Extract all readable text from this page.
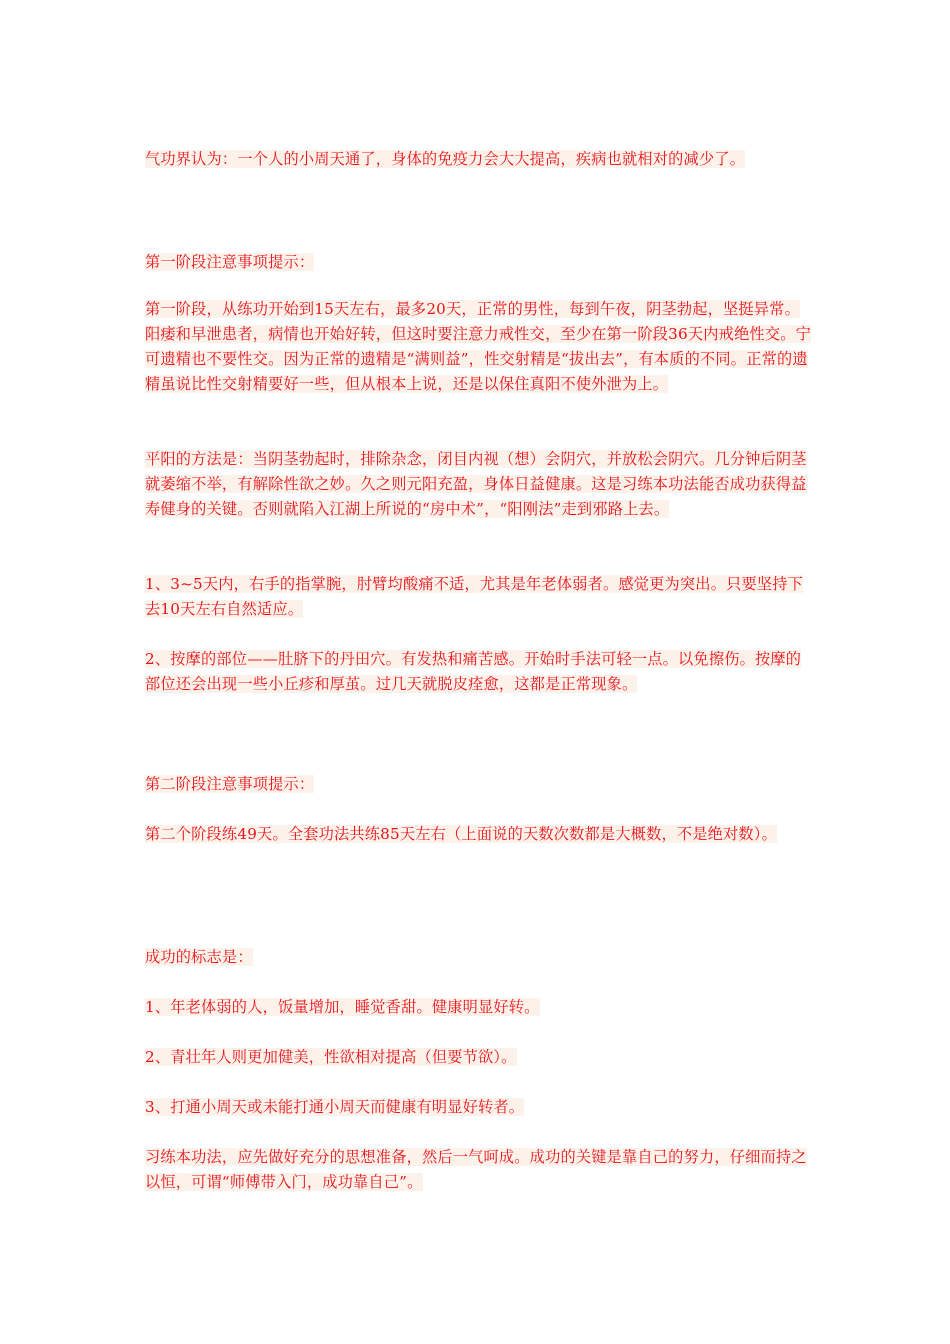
气功界认为：一个人的小周天通了，身体的免疫力会大大提高，疾病也就相对的减少了。

第一阶段注意事项提示：

第一阶段，从练功开始到15天左右，最多20天，正常的男性，每到午夜，阴茎勃起，坚挺异常。阳痿和早泄患者，病情也开始好转，但这时要注意力戒性交，至少在第一阶段36天内戒绝性交。宁可遗精也不要性交。因为正常的遗精是“满则益”，性交射精是“拔出去”，有本质的不同。正常的遗精虽说比性交射精要好一些，但从根本上说，还是以保住真阳不使外泄为上。

平阳的方法是：当阴茎勃起时，排除杂念，闭目内视（想）会阴穴，并放松会阴穴。几分钟后阴茎就萎缩不举，有解除性欲之妙。久之则元阳充盈，身体日益健康。这是习练本功法能否成功获得益寿健身的关键。否则就陷入江湖上所说的“房中术”，“阳刚法”走到邪路上去。

1、3~5天内，右手的指掌腕，肘臂均酸痛不适，尤其是年老体弱者。感觉更为突出。只要坚持下去10天左右自然适应。

2、按摩的部位——肚脐下的丹田穴。有发热和痛苦感。开始时手法可轻一点。以免擦伤。按摩的部位还会出现一些小丘疹和厚茧。过几天就脱皮痊愈，这都是正常现象。

第二阶段注意事项提示：

第二个阶段练49天。全套功法共练85天左右（上面说的天数次数都是大概数，不是绝对数）。

成功的标志是：

1、年老体弱的人，饭量增加，睡觉香甜。健康明显好转。

2、青壮年人则更加健美，性欲相对提高（但要节欲）。

3、打通小周天或未能打通小周天而健康有明显好转者。

习练本功法，应先做好充分的思想准备，然后一气呵成。成功的关键是靠自己的努力，仔细而持之以恒，可谓“师傅带入门，成功靠自己”。
